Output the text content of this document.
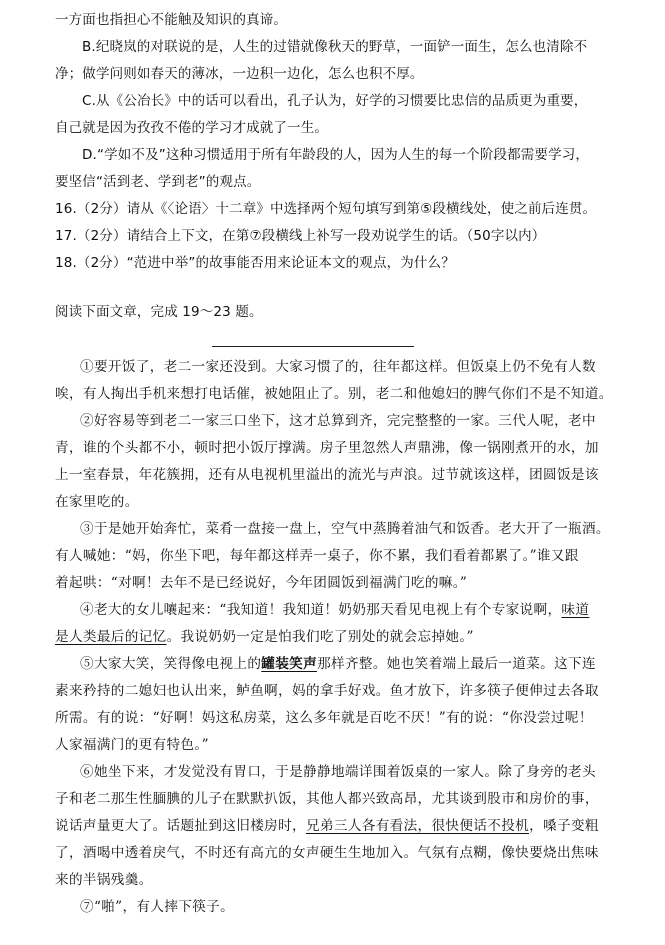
一方面也指担心不能触及知识的真谛。
B.纪晓岚的对联说的是，人生的过错就像秋天的野草，一面铲一面生，怎么也清除不
净；做学问则如春天的薄冰，一边积一边化，怎么也积不厚。
C.从《公冶长》中的话可以看出，孔子认为，好学的习惯要比忠信的品质更为重要，
自己就是因为孜孜不倦的学习才成就了一生。
D.“学如不及”这种习惯适用于所有年龄段的人，因为人生的每一个阶段都需要学习，
要坚信“活到老、学到老”的观点。
16.（2分）请从《〈论语〉十二章》中选择两个短句填写到第⑤段横线处，使之前后连贯。
17.（2分）请结合上下文，在第⑦段横线上补写一段劝说学生的话。（50字以内）
18.（2分）“范进中举”的故事能否用来论证本文的观点，为什么？
阅读下面文章，完成 19～23 题。
①要开饭了，老二一家还没到。大家习惯了的，往年都这样。但饭桌上仍不免有人数
唉，有人掏出手机来想打电话催，被她阻止了。别，老二和他媳妇的脾气你们不是不知道。
②好容易等到老二一家三口坐下，这才总算到齐，完完整整的一家。三代人呢，老中
青，谁的个头都不小，顿时把小饭厅撑满。房子里忽然人声鼎沸，像一锅刚煮开的水，加
上一室春景，年花簇拥，还有从电视机里溢出的流光与声浪。过节就该这样，团圆饭是该
在家里吃的。
③于是她开始奔忙，菜肴一盘接一盘上，空气中蒸腾着油气和饭香。老大开了一瓶酒。
有人喊她：“妈，你坐下吧，每年都这样弄一桌子，你不累，我们看着都累了。”谁又跟
着起哄：“对啊！去年不是已经说好，今年团圆饭到福满门吃的嘛。”
④老大的女儿嚷起来：“我知道！我知道！奶奶那天看见电视上有个专家说啊，味道
是人类最后的记忆。我说奶奶一定是怕我们吃了别处的就会忘掉她。”
⑤大家大笑，笑得像电视上的罐装笑声那样齐整。她也笑着端上最后一道菜。这下连
素来矜持的二媳妇也认出来，鲈鱼啊，妈的拿手好戏。鱼才放下，许多筷子便伸过去各取
所需。有的说：“好啊！妈这私房菜，这么多年就是百吃不厌！”有的说：“你没尝过呢！
人家福满门的更有特色。”
⑥她坐下来，才发觉没有胃口，于是静静地端详围着饭桌的一家人。除了身旁的老头
子和老二那生性腼腆的儿子在默默扒饭，其他人都兴致高昂，尤其谈到股市和房价的事，
说话声量更大了。话题扯到这旧楼房时，兄弟三人各有看法，很快便话不投机，嗓子变粗
了，酒喝中透着戾气，不时还有高亢的女声硬生生地加入。气氛有点糊，像快要烧出焦味
来的半锅残羹。
⑦“啪”，有人摔下筷子。
